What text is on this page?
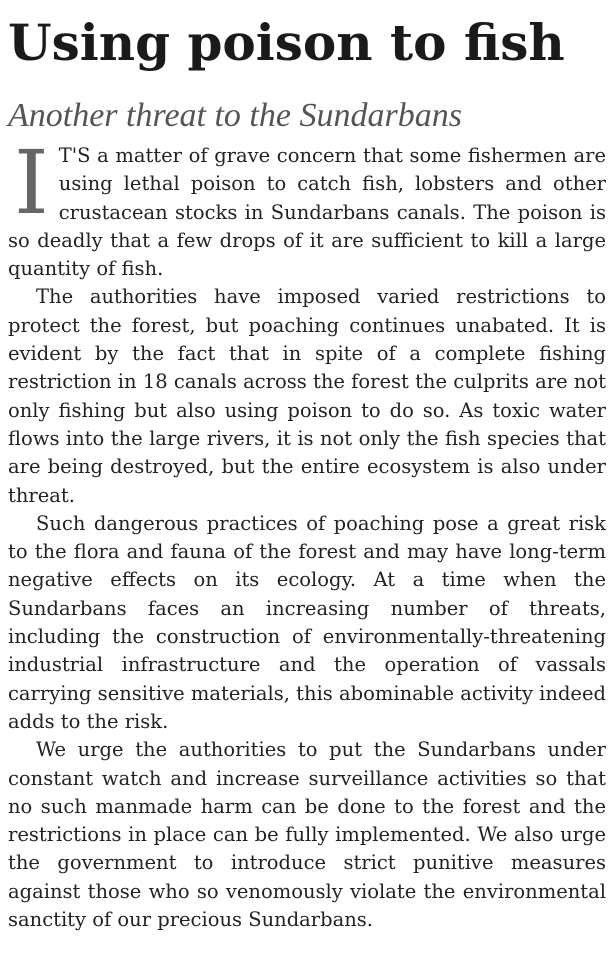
Using poison to fish
Another threat to the Sundarbans

I T'S a matter of grave concern that some fishermen are using lethal poison to catch fish, lobsters and other crustacean stocks in Sundarbans canals. The poison is so deadly that a few drops of it are sufficient to kill a large quantity of fish.

The authorities have imposed varied restrictions to protect the forest, but poaching continues unabated. It is evident by the fact that in spite of a complete fishing restriction in 18 canals across the forest the culprits are not only fishing but also using poison to do so. As toxic water flows into the large rivers, it is not only the fish species that are being destroyed, but the entire ecosystem is also under threat.

Such dangerous practices of poaching pose a great risk to the flora and fauna of the forest and may have long-term negative effects on its ecology. At a time when the Sundarbans faces an increasing number of threats, including the construction of environmentally-threatening industrial infrastructure and the operation of vassals carrying sensitive materials, this abominable activity indeed adds to the risk.

We urge the authorities to put the Sundarbans under constant watch and increase surveillance activities so that no such manmade harm can be done to the forest and the restrictions in place can be fully implemented. We also urge the government to introduce strict punitive measures against those who so venomously violate the environmental sanctity of our precious Sundarbans.
